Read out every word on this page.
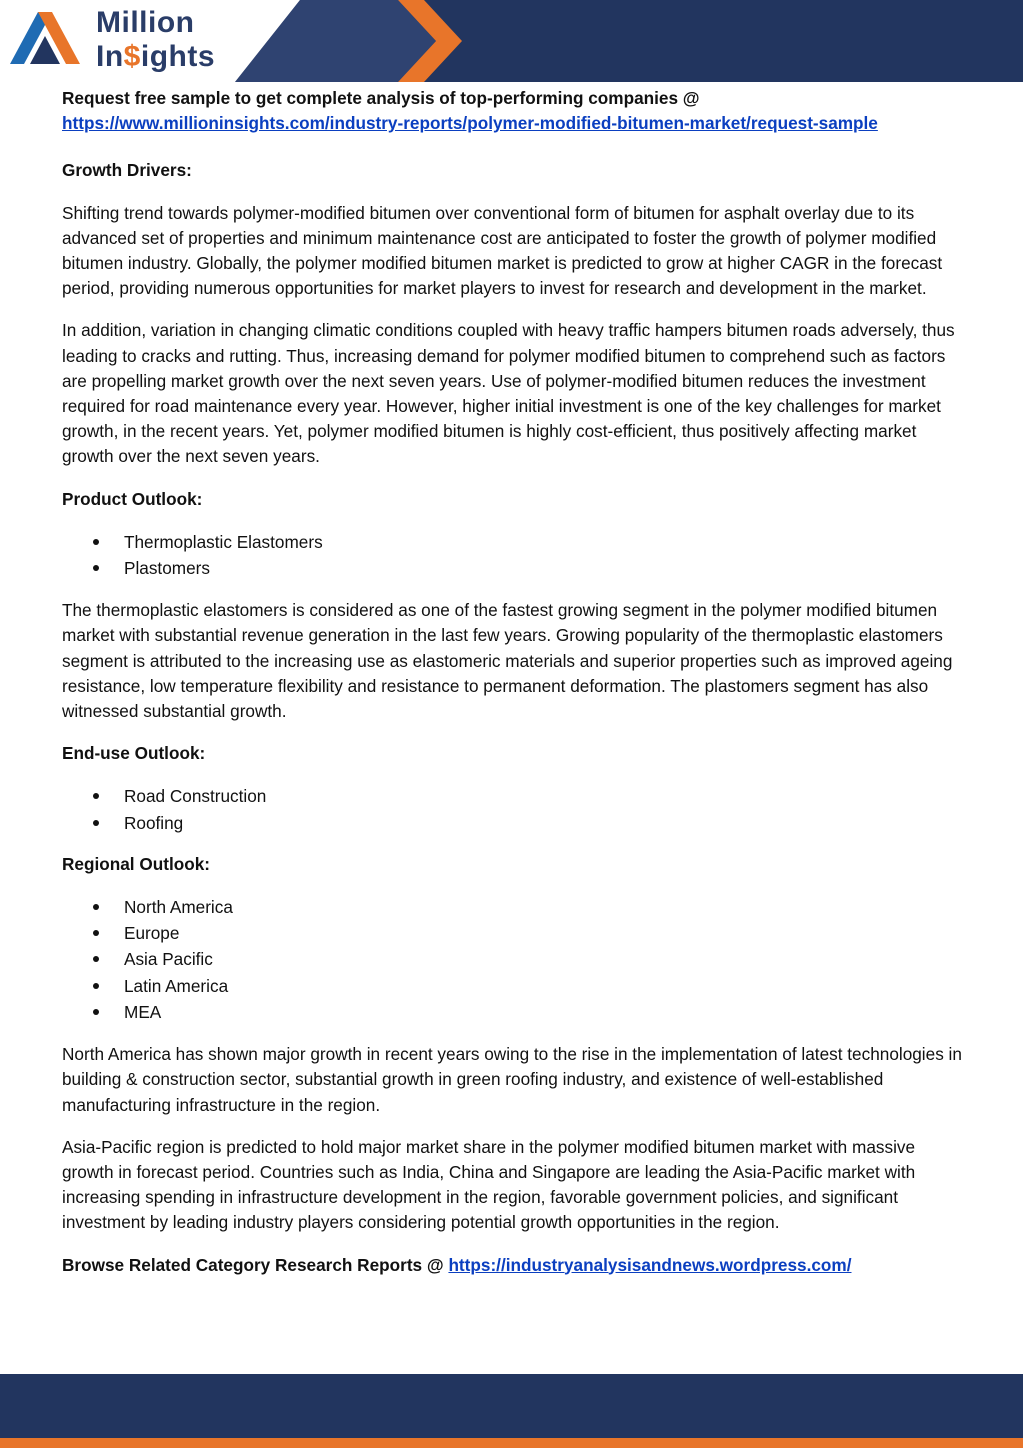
Million
In$ights

Request free sample to get complete analysis of top-performing companies @

https://www.millioninsights.com/industry-reports/polymer-modified-bitumen-market/request-sample

Growth Drivers:

Shifting trend towards polymer-modified bitumen over conventional form of bitumen for asphalt overlay due to its advanced set of properties and minimum maintenance cost are anticipated to foster the growth of polymer modified bitumen industry. Globally, the polymer modified bitumen market is predicted to grow at higher CAGR in the forecast period, providing numerous opportunities for market players to invest for research and development in the market.

In addition, variation in changing climatic conditions coupled with heavy traffic hampers bitumen roads adversely, thus leading to cracks and rutting. Thus, increasing demand for polymer modified bitumen to comprehend such as factors are propelling market growth over the next seven years. Use of polymer-modified bitumen reduces the investment required for road maintenance every year. However, higher initial investment is one of the key challenges for market growth, in the recent years. Yet, polymer modified bitumen is highly cost-efficient, thus positively affecting market growth over the next seven years.

Product Outlook:

Thermoplastic Elastomers
Plastomers

The thermoplastic elastomers is considered as one of the fastest growing segment in the polymer modified bitumen market with substantial revenue generation in the last few years. Growing popularity of the thermoplastic elastomers segment is attributed to the increasing use as elastomeric materials and superior properties such as improved ageing resistance, low temperature flexibility and resistance to permanent deformation. The plastomers segment has also witnessed substantial growth.

End-use Outlook:

Road Construction
Roofing

Regional Outlook:

North America
Europe
Asia Pacific
Latin America
MEA

North America has shown major growth in recent years owing to the rise in the implementation of latest technologies in building & construction sector, substantial growth in green roofing industry, and existence of well-established manufacturing infrastructure in the region.

Asia-Pacific region is predicted to hold major market share in the polymer modified bitumen market with massive growth in forecast period. Countries such as India, China and Singapore are leading the Asia-Pacific market with increasing spending in infrastructure development in the region, favorable government policies, and significant investment by leading industry players considering potential growth opportunities in the region.

Browse Related Category Research Reports @ https://industryanalysisandnews.wordpress.com/
